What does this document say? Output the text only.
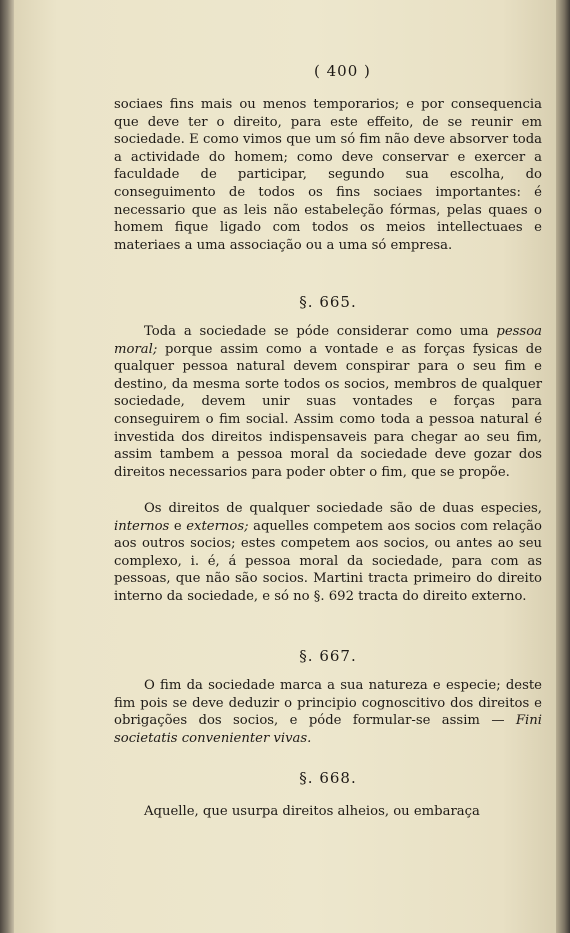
( 400 )

sociaes fins mais ou menos temporarios; e por consequencia que deve ter o direito, para este effeito, de se reunir em sociedade. E como vimos que um só fim não deve absorver toda a actividade do homem; como deve conservar e exercer a faculdade de participar, segundo sua escolha, do conseguimento de todos os fins sociaes importantes: é necessario que as leis não estabeleção fórmas, pelas quaes o homem fique ligado com todos os meios intellectuaes e materiaes a uma associação ou a uma só empresa.

§. 665.

Toda a sociedade se póde considerar como uma pessoa moral; porque assim como a vontade e as forças fysicas de qualquer pessoa natural devem conspirar para o seu fim e destino, da mesma sorte todos os socios, membros de qualquer sociedade, devem unir suas vontades e forças para conseguirem o fim social. Assim como toda a pessoa natural é investida dos direitos indispensaveis para chegar ao seu fim, assim tambem a pessoa moral da sociedade deve gozar dos direitos necessarios para poder obter o fim, que se propõe.

Os direitos de qualquer sociedade são de duas especies, internos e externos; aquelles competem aos socios com relação aos outros socios; estes competem aos socios, ou antes ao seu complexo, i. é, á pessoa moral da sociedade, para com as pessoas, que não são socios. Martini tracta primeiro do direito interno da sociedade, e só no §. 692 tracta do direito externo.

§. 667.

O fim da sociedade marca a sua natureza e especie; deste fim pois se deve deduzir o principio cognoscitivo dos direitos e obrigações dos socios, e póde formular-se assim — Fini societatis convenienter vivas.

§. 668.

Aquelle, que usurpa direitos alheios, ou embaraça
